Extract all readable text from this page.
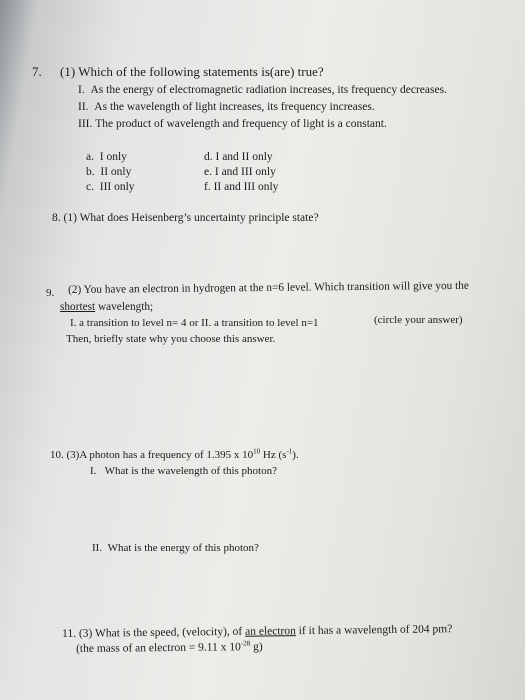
7. (1) Which of the following statements is(are) true?
I. As the energy of electromagnetic radiation increases, its frequency decreases.
II. As the wavelength of light increases, its frequency increases.
III. The product of wavelength and frequency of light is a constant.
a. I only
b. II only
c. III only
d. I and II only
e. I and III only
f. II and III only
8. (1) What does Heisenberg’s uncertainty principle state?
9. (2) You have an electron in hydrogen at the n=6 level. Which transition will give you the
shortest wavelength;
I. a transition to level n= 4 or II. a transition to level n=1	(circle your answer)
Then, briefly state why you choose this answer.
10. (3)A photon has a frequency of 1.395 x $10^{10}$ Hz $(s^{-1})$.
I. What is the wavelength of this photon?
II. What is the energy of this photon?
11. (3) What is the speed, (velocity), of an electron if it has a wavelength of 204 pm?
(the mass of an electron = 9.11 x $10^{-28}$ g)
